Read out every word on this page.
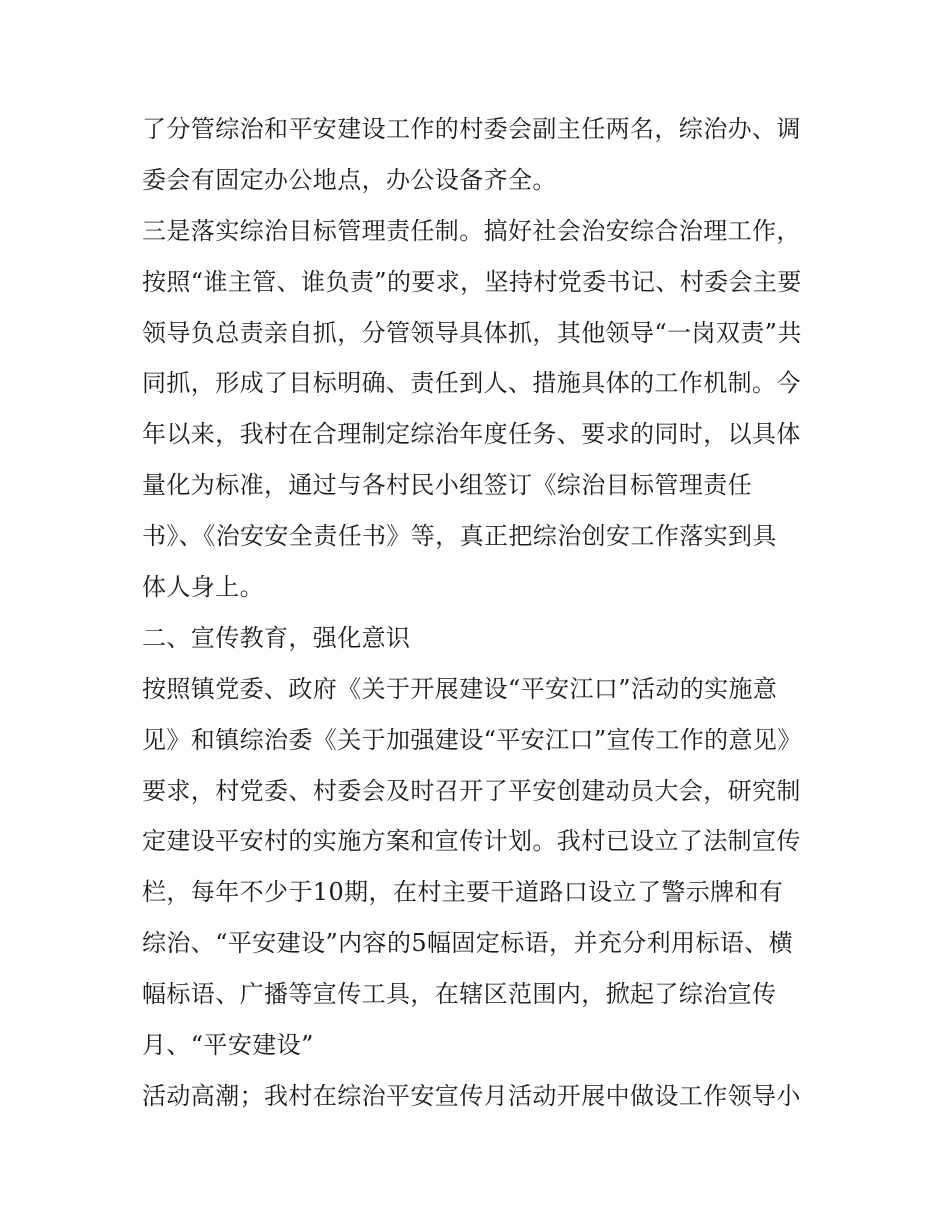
了分管综治和平安建设工作的村委会副主任两名，综治办、调
委会有固定办公地点，办公设备齐全。
三是落实综治目标管理责任制。搞好社会治安综合治理工作，
按照“谁主管、谁负责”的要求，坚持村党委书记、村委会主要
领导负总责亲自抓，分管领导具体抓，其他领导“一岗双责”共
同抓，形成了目标明确、责任到人、措施具体的工作机制。今
年以来，我村在合理制定综治年度任务、要求的同时，以具体
量化为标准，通过与各村民小组签订《综治目标管理责任
书》、《治安安全责任书》等，真正把综治创安工作落实到具
体人身上。
二、宣传教育，强化意识
按照镇党委、政府《关于开展建设“平安江口”活动的实施意
见》和镇综治委《关于加强建设“平安江口”宣传工作的意见》
要求，村党委、村委会及时召开了平安创建动员大会，研究制
定建设平安村的实施方案和宣传计划。我村已设立了法制宣传
栏，每年不少于10期，在村主要干道路口设立了警示牌和有
综治、“平安建设”内容的5幅固定标语，并充分利用标语、横
幅标语、广播等宣传工具，在辖区范围内，掀起了综治宣传
月、“平安建设”
活动高潮；我村在综治平安宣传月活动开展中做设工作领导小
